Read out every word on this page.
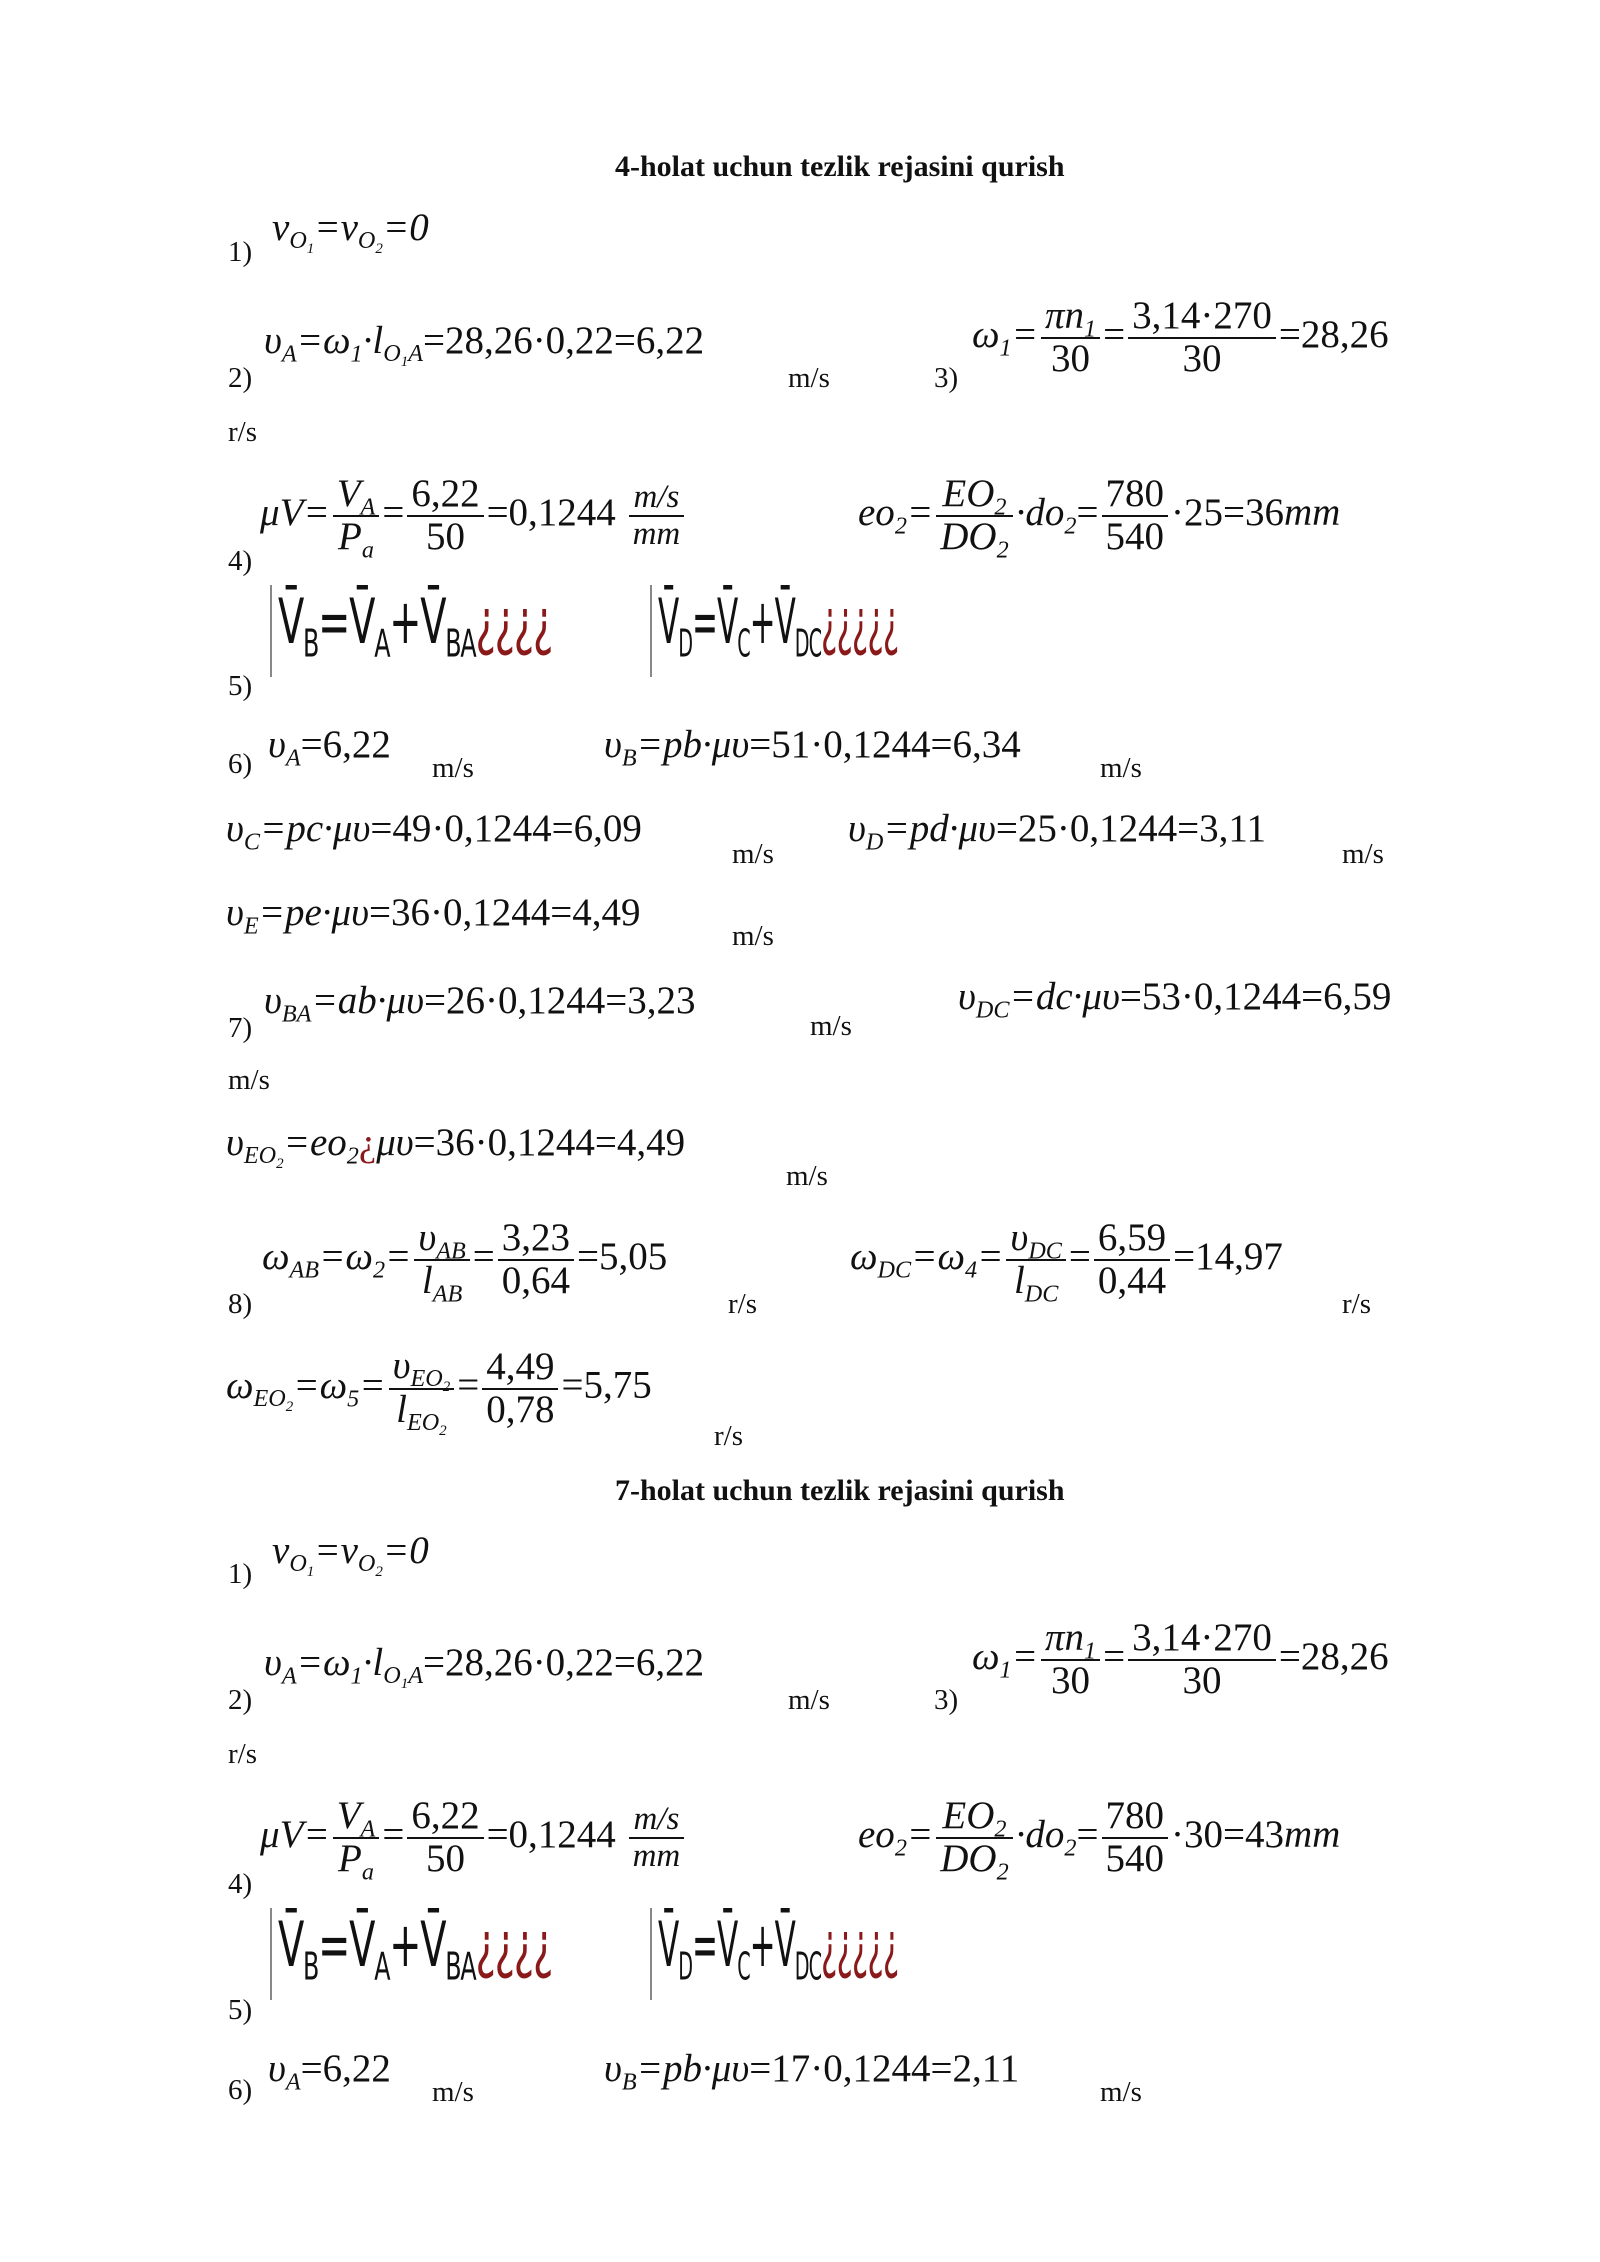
4-holat uchun tezlik rejasini qurish
1)
$v_{O_1}=v_{O_2}=0$
2)
$\upsilon_A=\omega_1\cdot l_{O_1A}=28,26\cdot 0,22=6,22$
m/s	3)
$\omega_1= \frac{\pi n_1}{30} = \frac{3,14\cdot 270}{30} =28,26$
r/s
4)
$\mu V= \frac{V_A}{P_a} = \frac{6,22}{50} =0,1244 \frac{m/s}{mm}$	$eo_2= \frac{EO_2}{DO_2} \cdot do_2= \frac{780}{540} \cdot 25=36mm$
5)
$V̄_B=V̄_A+V̄_{BA}¿¿¿¿$	$V̄_D=V̄_C+V̄_{DC}¿¿¿¿¿$
6) $\upsilon_A=6,22$
m/s
$\upsilon_B=pb\cdot\mu\upsilon=51\cdot 0,1244=6,34$
m/s
$\upsilon_C=pc\cdot\mu\upsilon=49\cdot 0,1244=6,09$
m/s
$\upsilon_D=pd\cdot\mu\upsilon=25\cdot 0,1244=3,11$
m/s
$\upsilon_E=pe\cdot\mu\upsilon=36\cdot 0,1244=4,49$
m/s
7)
$\upsilon_{BA}=ab\cdot\mu\upsilon=26\cdot 0,1244=3,23$
m/s
$\upsilon_{DC}=dc\cdot\mu\upsilon=53\cdot 0,1244=6,59$
m/s
$\upsilon_{EO_2}=eo_2¿\mu\upsilon=36\cdot 0,1244=4,49$
m/s
8)
$\omega_{AB}=\omega_2= \upsilon_{AB}$
$l_{AB}$
= $\frac{3,23}{0,64} =5,05$
r/s
$\omega_{DC}=\omega_4= \upsilon_{DC}$
$l_{DC}$
= $\frac{6,59}{0,44} =14,97$
r/s
$\omega_{EO_2}=\omega_5= \upsilon_{EO_2}$
$l_{EO_2}$
= $\frac{4,49}{0,78} =5,75$
r/s
7-holat uchun tezlik rejasini qurish
1)
$v_{O_1}=v_{O_2}=0$
2)
$\upsilon_A=\omega_1\cdot l_{O_1A}=28,26\cdot 0,22=6,22$
m/s	3)
$\omega_1= \frac{\pi n_1}{30} = \frac{3,14\cdot 270}{30} =28,26$
r/s
4)
$\mu V= \frac{V_A}{P_a} = \frac{6,22}{50} =0,1244 \frac{m/s}{mm}$	$eo_2= \frac{EO_2}{DO_2} \cdot do_2= \frac{780}{540} \cdot 30=43mm$
5)
$V̄_B=V̄_A+V̄_{BA}¿¿¿¿$	$V̄_D=V̄_C+V̄_{DC}¿¿¿¿¿$
6) $\upsilon_A=6,22$
m/s
$\upsilon_B=pb\cdot\mu\upsilon=17\cdot 0,1244=2,11$
m/s
